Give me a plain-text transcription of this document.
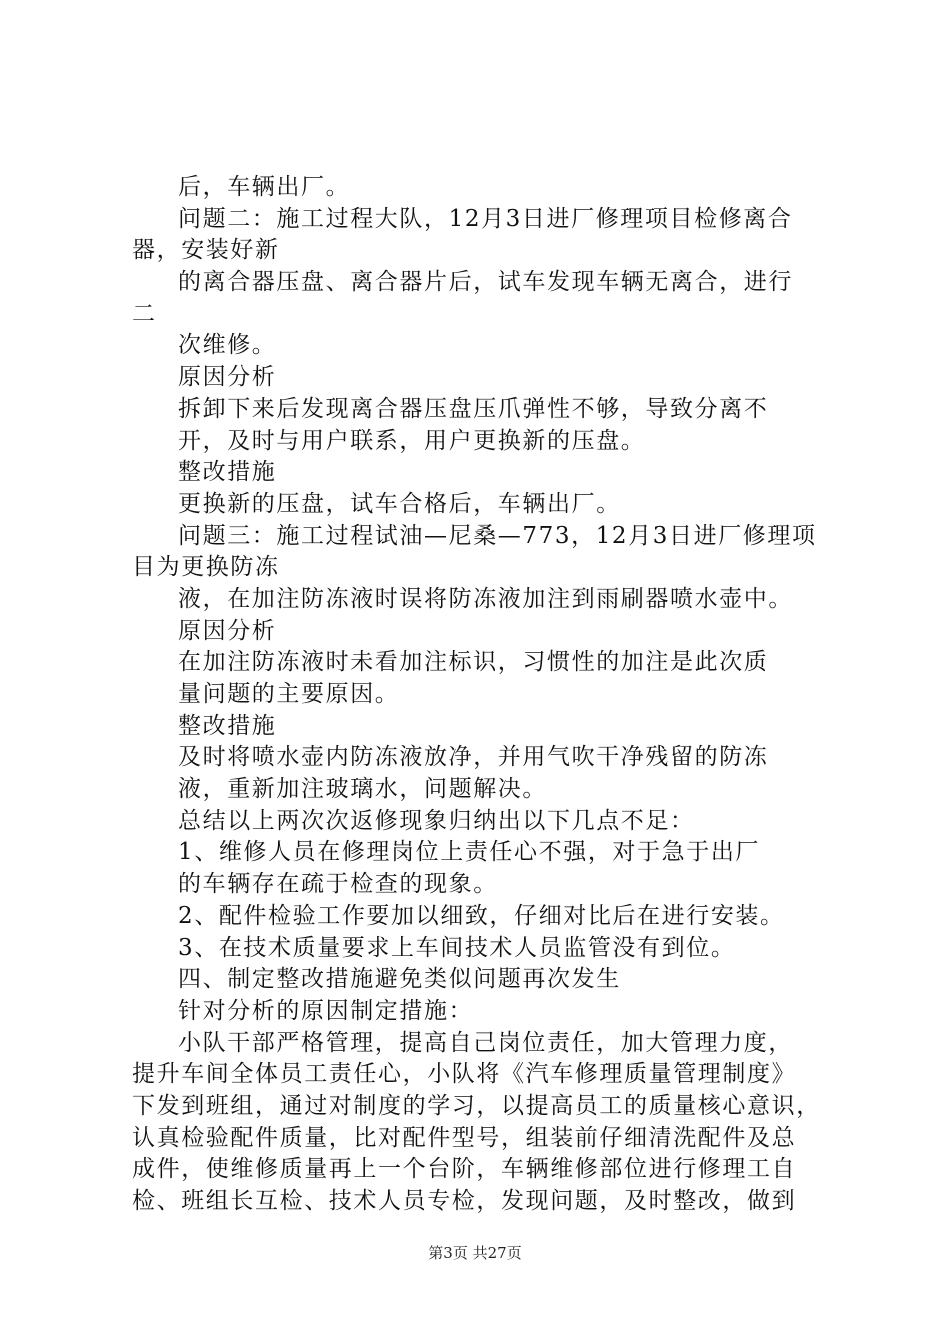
后，车辆出厂。
问题二：施工过程大队，12月3日进厂修理项目检修离合
器，安装好新
的离合器压盘、离合器片后，试车发现车辆无离合，进行
二
次维修。
原因分析
拆卸下来后发现离合器压盘压爪弹性不够，导致分离不
开，及时与用户联系，用户更换新的压盘。
整改措施
更换新的压盘，试车合格后，车辆出厂。
问题三：施工过程试油—尼桑—773，12月3日进厂修理项
目为更换防冻
液，在加注防冻液时误将防冻液加注到雨刷器喷水壶中。
原因分析
在加注防冻液时未看加注标识，习惯性的加注是此次质
量问题的主要原因。
整改措施
及时将喷水壶内防冻液放净，并用气吹干净残留的防冻
液，重新加注玻璃水，问题解决。
总结以上两次次返修现象归纳出以下几点不足：
1、维修人员在修理岗位上责任心不强，对于急于出厂
的车辆存在疏于检查的现象。
2、配件检验工作要加以细致，仔细对比后在进行安装。
3、在技术质量要求上车间技术人员监管没有到位。
四、制定整改措施避免类似问题再次发生
针对分析的原因制定措施：
小队干部严格管理，提高自己岗位责任，加大管理力度，
提升车间全体员工责任心，小队将《汽车修理质量管理制度》
下发到班组，通过对制度的学习，以提高员工的质量核心意识，
认真检验配件质量，比对配件型号，组装前仔细清洗配件及总
成件，使维修质量再上一个台阶，车辆维修部位进行修理工自
检、班组长互检、技术人员专检，发现问题，及时整改，做到
第3页 共27页
